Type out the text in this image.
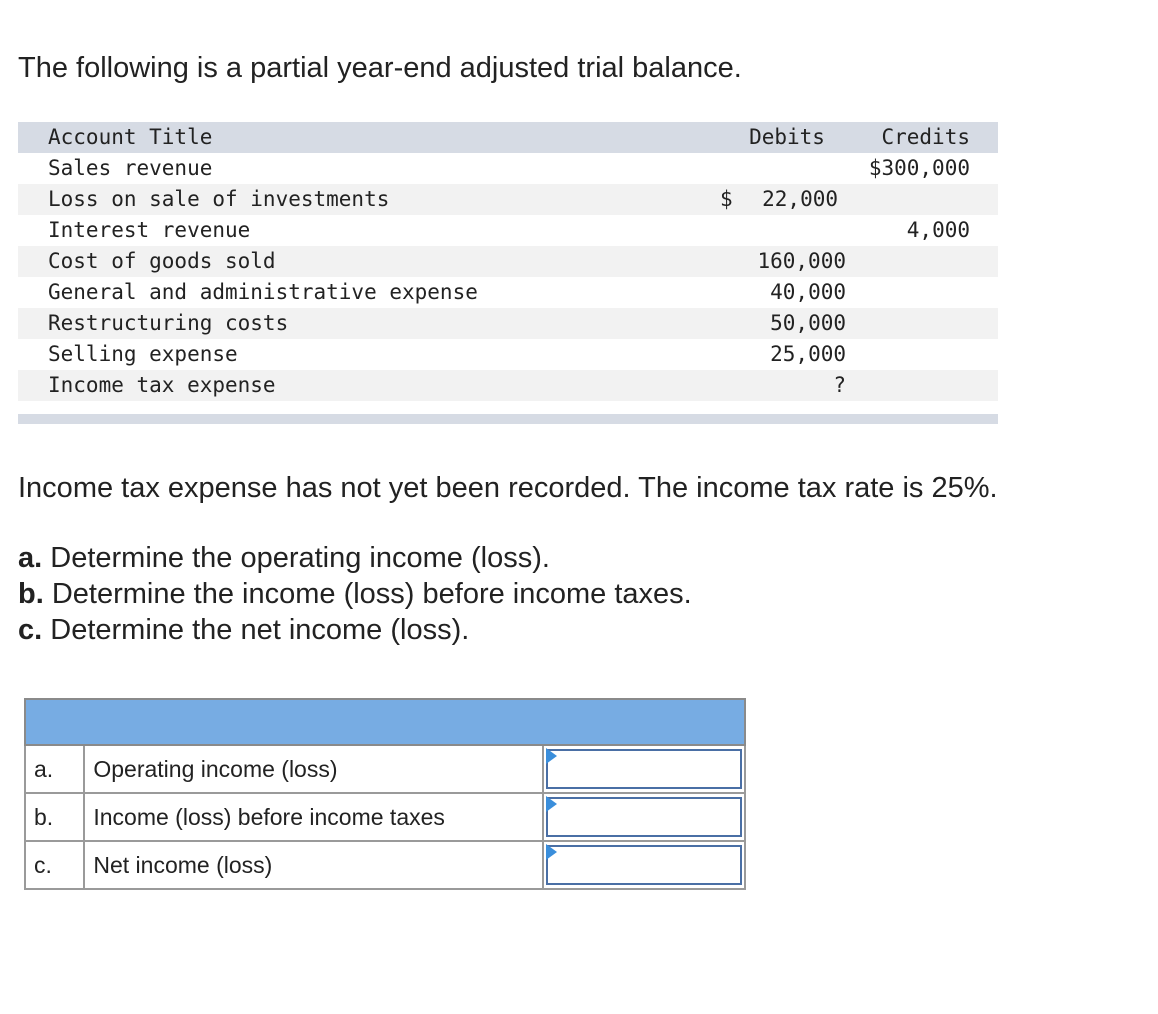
The following is a partial year-end adjusted trial balance.

Account Title	Debits	Credits
Sales revenue		$300,000
Loss on sale of investments	$ 22,000	

Interest revenue		4,000
Cost of goods sold	160,000	
General and administrative expense	40,000	
Restructuring costs	50,000	
Selling expense	25,000	
Income tax expense	?	

Income tax expense has not yet been recorded. The income tax rate is 25%.

a. Determine the operating income (loss).
b. Determine the income (loss) before income taxes.
c. Determine the net income (loss).

a.	Operating income (loss)	

b.	Income (loss) before income taxes	

c.	Net income (loss)	
